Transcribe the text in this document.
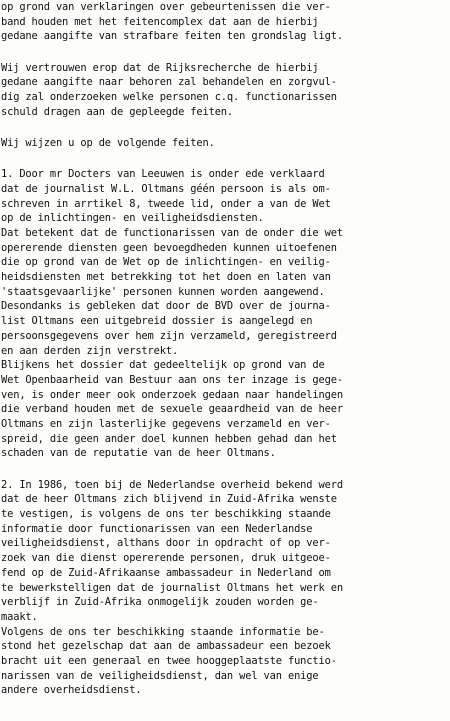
op grond van verklaringen over gebeurtenissen die ver-
band houden met het feitencomplex dat aan de hierbij
gedane aangifte van strafbare feiten ten grondslag ligt.
Wij vertrouwen erop dat de Rijksrecherche de hierbij
gedane aangifte naar behoren zal behandelen en zorgvul-
dig zal onderzoeken welke personen c.q. functionarissen
schuld dragen aan de gepleegde feiten.
Wij wijzen u op de volgende feiten.
1. Door mr Docters van Leeuwen is onder ede verklaard
dat de journalist W.L. Oltmans géén persoon is als om-
schreven in arrtikel 8, tweede lid, onder a van de Wet
op de inlichtingen- en veiligheidsdiensten.
Dat betekent dat de functionarissen van de onder die wet
opererende diensten geen bevoegdheden kunnen uitoefenen
die op grond van de Wet op de inlichtingen- en veilig-
heidsdiensten met betrekking tot het doen en laten van
'staatsgevaarlijke' personen kunnen worden aangewend.
Desondanks is gebleken dat door de BVD over de journa-
list Oltmans een uitgebreid dossier is aangelegd en
persoonsgegevens over hem zijn verzameld, geregistreerd
en aan derden zijn verstrekt.
Blijkens het dossier dat gedeeltelijk op grond van de
Wet Openbaarheid van Bestuur aan ons ter inzage is gege-
ven, is onder meer ook onderzoek gedaan naar handelingen
die verband houden met de sexuele geaardheid van de heer
Oltmans en zijn lasterlijke gegevens verzameld en ver-
spreid, die geen ander doel kunnen hebben gehad dan het
schaden van de reputatie van de heer Oltmans.
2. In 1986, toen bij de Nederlandse overheid bekend werd
dat de heer Oltmans zich blijvend in Zuid-Afrika wenste
te vestigen, is volgens de ons ter beschikking staande
informatie door functionarissen van een Nederlandse
veiligheidsdienst, althans door in opdracht of op ver-
zoek van die dienst opererende personen, druk uitgeoe-
fend op de Zuid-Afrikaanse ambassadeur in Nederland om
te bewerkstelligen dat de journalist Oltmans het werk en
verblijf in Zuid-Afrika onmogelijk zouden worden ge-
maakt.
Volgens de ons ter beschikking staande informatie be-
stond het gezelschap dat aan de ambassadeur een bezoek
bracht uit een generaal en twee hooggeplaatste functio-
narissen van de veiligheidsdienst, dan wel van enige
andere overheidsdienst.
